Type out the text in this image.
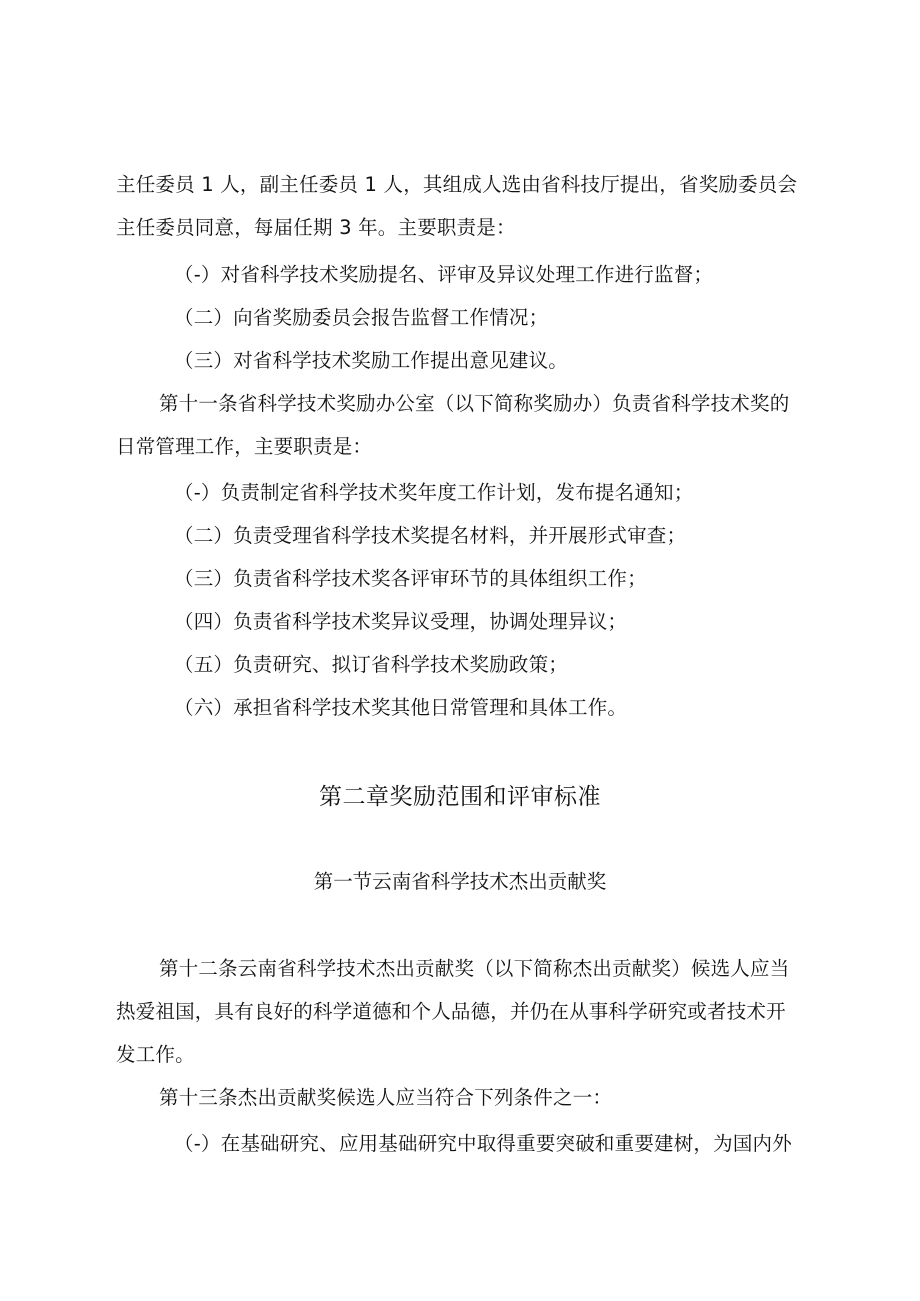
主任委员 1 人，副主任委员 1 人，其组成人选由省科技厅提出，省奖励委员会
主任委员同意，每届任期 3 年。主要职责是：
（-）对省科学技术奖励提名、评审及异议处理工作进行监督；
（二）向省奖励委员会报告监督工作情况；
（三）对省科学技术奖励工作提出意见建议。
第十一条省科学技术奖励办公室（以下简称奖励办）负责省科学技术奖的
日常管理工作，主要职责是：
（-）负责制定省科学技术奖年度工作计划，发布提名通知；
（二）负责受理省科学技术奖提名材料，并开展形式审查；
（三）负责省科学技术奖各评审环节的具体组织工作；
（四）负责省科学技术奖异议受理，协调处理异议；
（五）负责研究、拟订省科学技术奖励政策；
（六）承担省科学技术奖其他日常管理和具体工作。
第二章奖励范围和评审标准
第一节云南省科学技术杰出贡献奖
第十二条云南省科学技术杰出贡献奖（以下简称杰出贡献奖）候选人应当
热爱祖国，具有良好的科学道德和个人品德，并仍在从事科学研究或者技术开
发工作。
第十三条杰出贡献奖候选人应当符合下列条件之一：
（-）在基础研究、应用基础研究中取得重要突破和重要建树，为国内外
